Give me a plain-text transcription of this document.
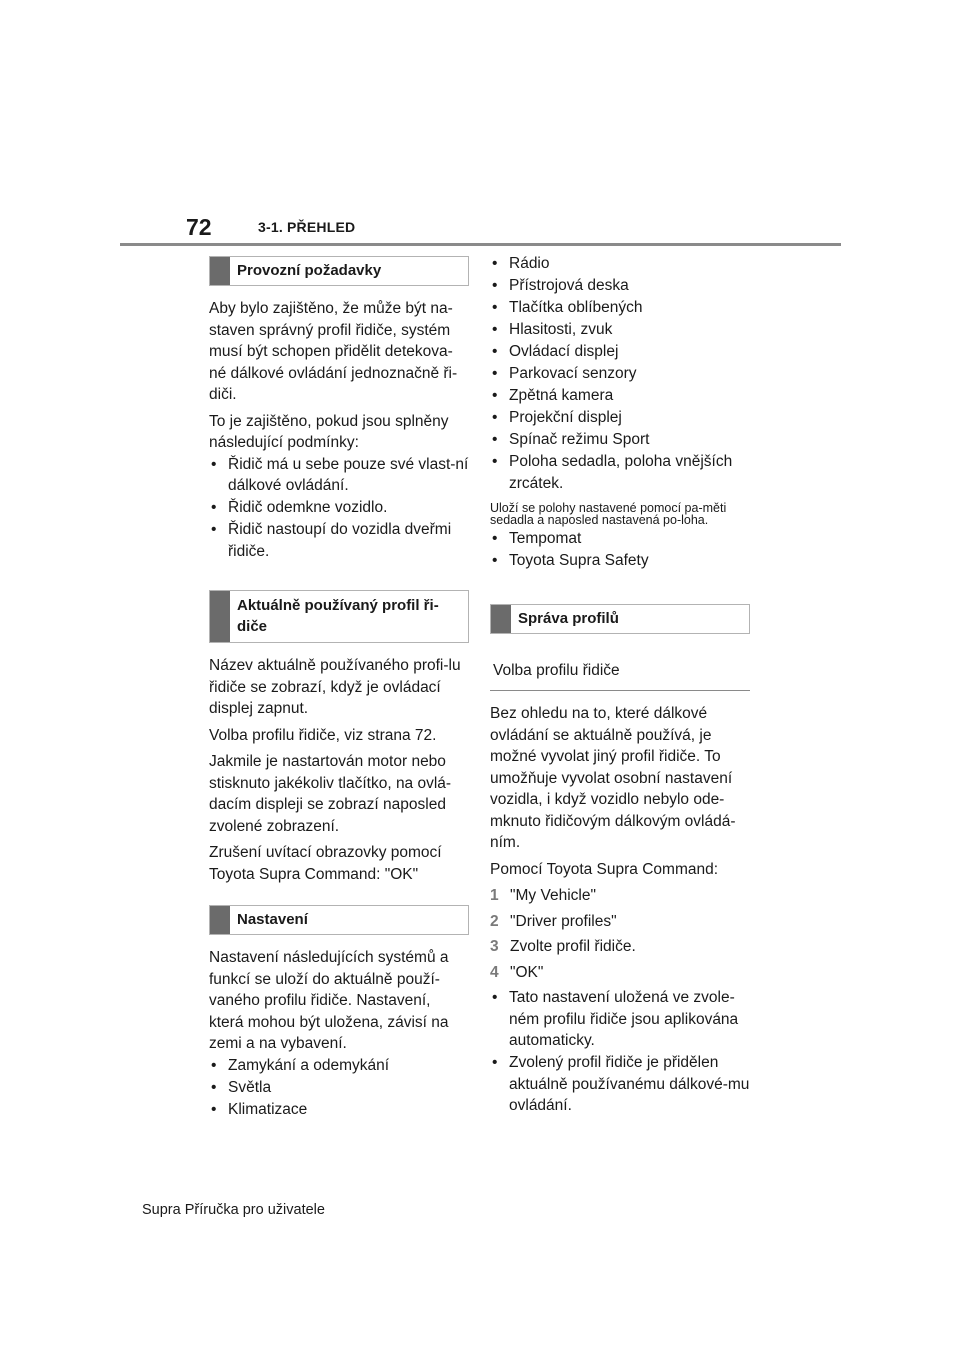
72	3-1. PŘEHLED
Provozní požadavky

Aby bylo zajištěno, že může být na-staven správný profil řidiče, systém musí být schopen přidělit detekova-né dálkové ovládání jednoznačně ři-diči.

To je zajištěno, pokud jsou splněny následující podmínky:

• Řidič má u sebe pouze své vlast-ní dálkové ovládání.
• Řidič odemkne vozidlo.
• Řidič nastoupí do vozidla dveřmi řidiče.
Aktuálně používaný profil ři-diče

Název aktuálně používaného profi-lu řidiče se zobrazí, když je ovládací displej zapnut.

Volba profilu řidiče, viz strana 72.

Jakmile je nastartován motor nebo stisknuto jakékoliv tlačítko, na ovlá-dacím displeji se zobrazí naposled zvolené zobrazení.

Zrušení uvítací obrazovky pomocí Toyota Supra Command: "OK"

Nastavení

Nastavení následujících systémů a funkcí se uloží do aktuálně použí-vaného profilu řidiče. Nastavení, která mohou být uložena, závisí na zemi a na vybavení.

• Zamykání a odemykání
• Světla
• Klimatizace
• Rádio
• Přístrojová deska
• Tlačítka oblíbených
• Hlasitosti, zvuk
• Ovládací displej
• Parkovací senzory
• Zpětná kamera
• Projekční displej
• Spínač režimu Sport
• Poloha sedadla, poloha vnějších zrcátek.

Uloží se polohy nastavené pomocí pa-měti sedadla a naposled nastavená po-loha.

• Tempomat
• Toyota Supra Safety
Správa profilů
Volba profilu řidiče

Bez ohledu na to, které dálkové ovládání se aktuálně používá, je možné vyvolat jiný profil řidiče. To umožňuje vyvolat osobní nastavení vozidla, i když vozidlo nebylo ode-mknuto řidičovým dálkovým ovládá-ním.

Pomocí Toyota Supra Command:

1 "My Vehicle"
2 "Driver profiles"
3 Zvolte profil řidiče.
4 "OK"
• Tato nastavení uložená ve zvole-ném profilu řidiče jsou aplikována automaticky.
• Zvolený profil řidiče je přidělen aktuálně používanému dálkové-mu ovládání.
Supra Příručka pro uživatele
